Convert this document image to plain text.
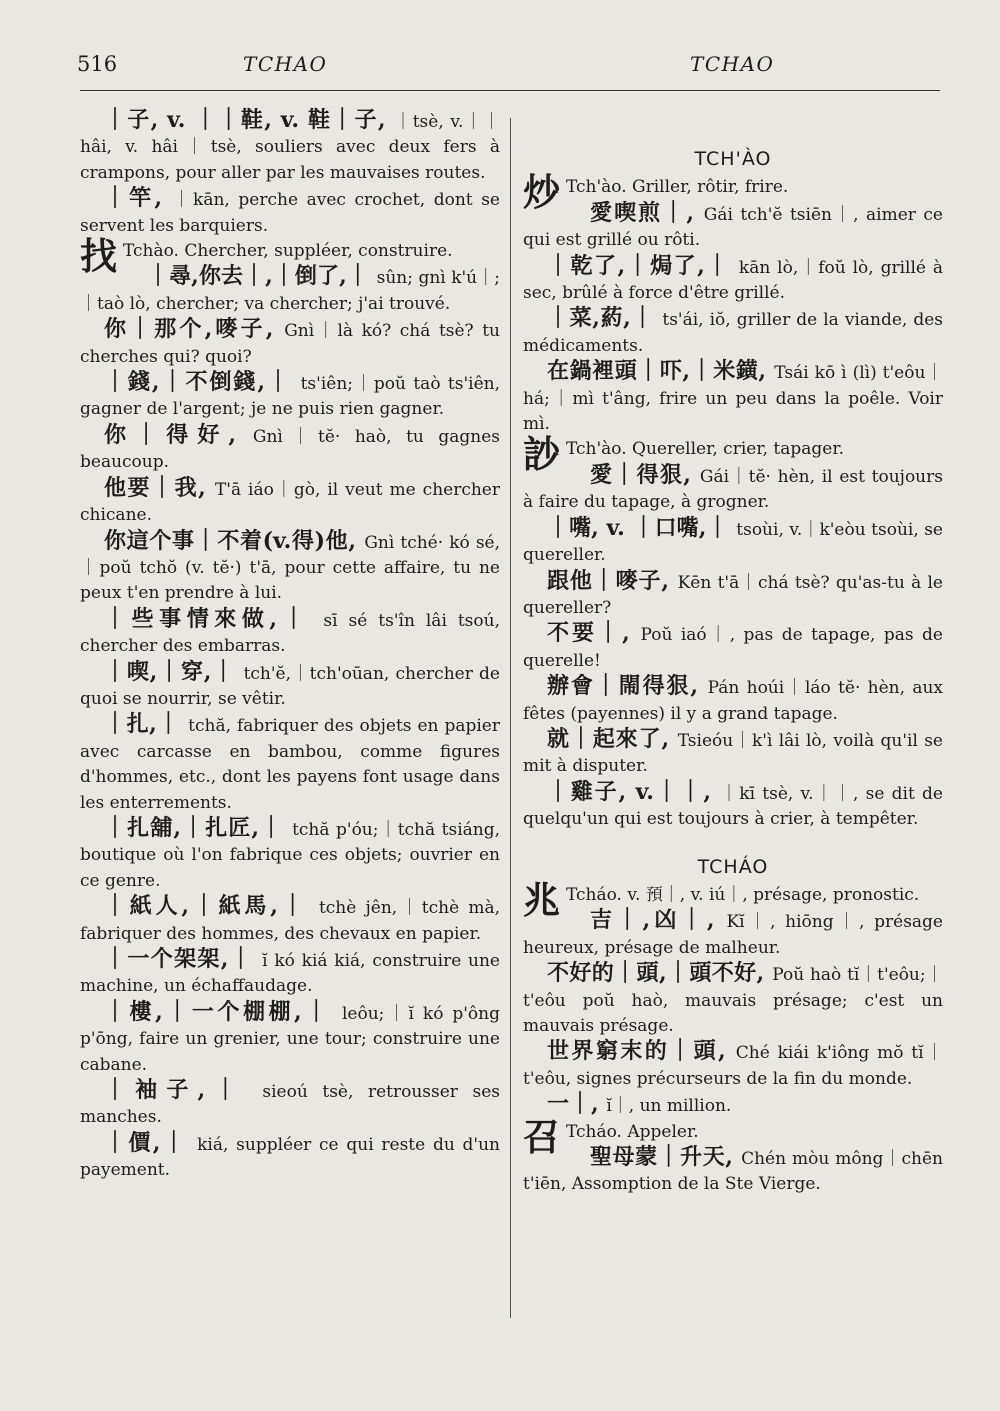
516	TCHAO	TCHAO
｜子, v. ｜｜鞋, v. 鞋｜子, ｜tsè, v.｜｜hâi, v. hâi｜tsè, souliers avec deux fers à crampons, pour aller par les mauvaises routes.
｜竿, ｜kān, perche avec crochet, dont se servent les barquiers.
找 Tchào. Chercher, suppléer, construire.
｜尋,你去｜,｜倒了,｜ sûn; gnì k'ú｜;｜taò lò, chercher; va chercher; j'ai trouvé.
你｜那个,嘜子, Gnì｜là kó? chá tsè? tu cherches qui? quoi?
｜錢,｜不倒錢,｜ ts'iên;｜poŭ taò ts'iên, gagner de l'argent; je ne puis rien gagner.
你｜得好, Gnì｜tĕ· haò, tu gagnes beaucoup.
他要｜我, T'ā iáo｜gò, il veut me chercher chicane.
你這个事｜不着(v.得)他, Gnì tché· kó sé,｜poŭ tchŏ (v. tĕ·) t'ā, pour cette affaire, tu ne peux t'en prendre à lui.
｜些事情來做,｜ sī sé ts'în lâi tsoú, chercher des embarras.
｜喫,｜穿,｜ tch'ĕ,｜tch'oūan, chercher de quoi se nourrir, se vêtir.
｜扎,｜ tchă, fabriquer des objets en papier avec carcasse en bambou, comme figures d'hommes, etc., dont les payens font usage dans les enterrements.
｜扎舖,｜扎匠,｜ tchă p'óu;｜tchă tsiáng, boutique où l'on fabrique ces objets; ouvrier en ce genre.
｜紙人,｜紙馬,｜ tchè jên,｜tchè mà, fabriquer des hommes, des chevaux en papier.
｜一个架架,｜ ĭ kó kiá kiá, construire une machine, un échaffaudage.
｜樓,｜一个棚棚,｜ leôu;｜ĭ kó p'ông p'ōng, faire un grenier, une tour; construire une cabane.
｜袖子,｜ sieoú tsè, retrousser ses manches.
｜價,｜ kiá, suppléer ce qui reste du d'un payement.
TCH'ÀO
炒 Tch'ào. Griller, rôtir, frire.
愛喫煎｜, Gái tch'ĕ tsiēn｜, aimer ce qui est grillé ou rôti.
｜乾了,｜焗了,｜ kān lò,｜foŭ lò, grillé à sec, brûlé à force d'être grillé.
｜菜,葯,｜ ts'ái, iŏ, griller de la viande, des médicaments.
在鍋裡頭｜吓,｜米鐄, Tsái kō ì (lì) t'eôu｜há;｜mì t'âng, frire un peu dans la poêle. Voir mì.
訬 Tch'ào. Quereller, crier, tapager.
愛｜得狠, Gái｜tĕ· hèn, il est toujours à faire du tapage, à grogner.
｜嘴, v. ｜口嘴,｜ tsoùi, v.｜k'eòu tsoùi, se quereller.
跟他｜嘜子, Kēn t'ā｜chá tsè? qu'as-tu à le quereller?
不要｜, Poŭ iaó｜, pas de tapage, pas de querelle!
辦會｜閙得狠, Pán hoúi｜láo tĕ· hèn, aux fêtes (payennes) il y a grand tapage.
就｜起來了, Tsieóu｜k'ì lâi lò, voilà qu'il se mit à disputer.
｜雞子, v.｜｜, ｜kī tsè, v.｜｜, se dit de quelqu'un qui est toujours à crier, à tempêter.
TCHÁO
兆 Tcháo. v. 預｜, v. iú｜, présage, pronostic.
吉｜,凶｜, Kĭ｜, hiōng｜, présage heureux, présage de malheur.
不好的｜頭,｜頭不好, Poŭ haò tĭ｜t'eôu;｜t'eôu poŭ haò, mauvais présage; c'est un mauvais présage.
世界窮末的｜頭, Ché kiái k'iông mŏ tĭ｜t'eôu, signes précurseurs de la fin du monde.
一｜, ĭ｜, un million.
召 Tcháo. Appeler.
聖母蒙｜升天, Chén mòu mông｜chēn t'iēn, Assomption de la Ste Vierge.
